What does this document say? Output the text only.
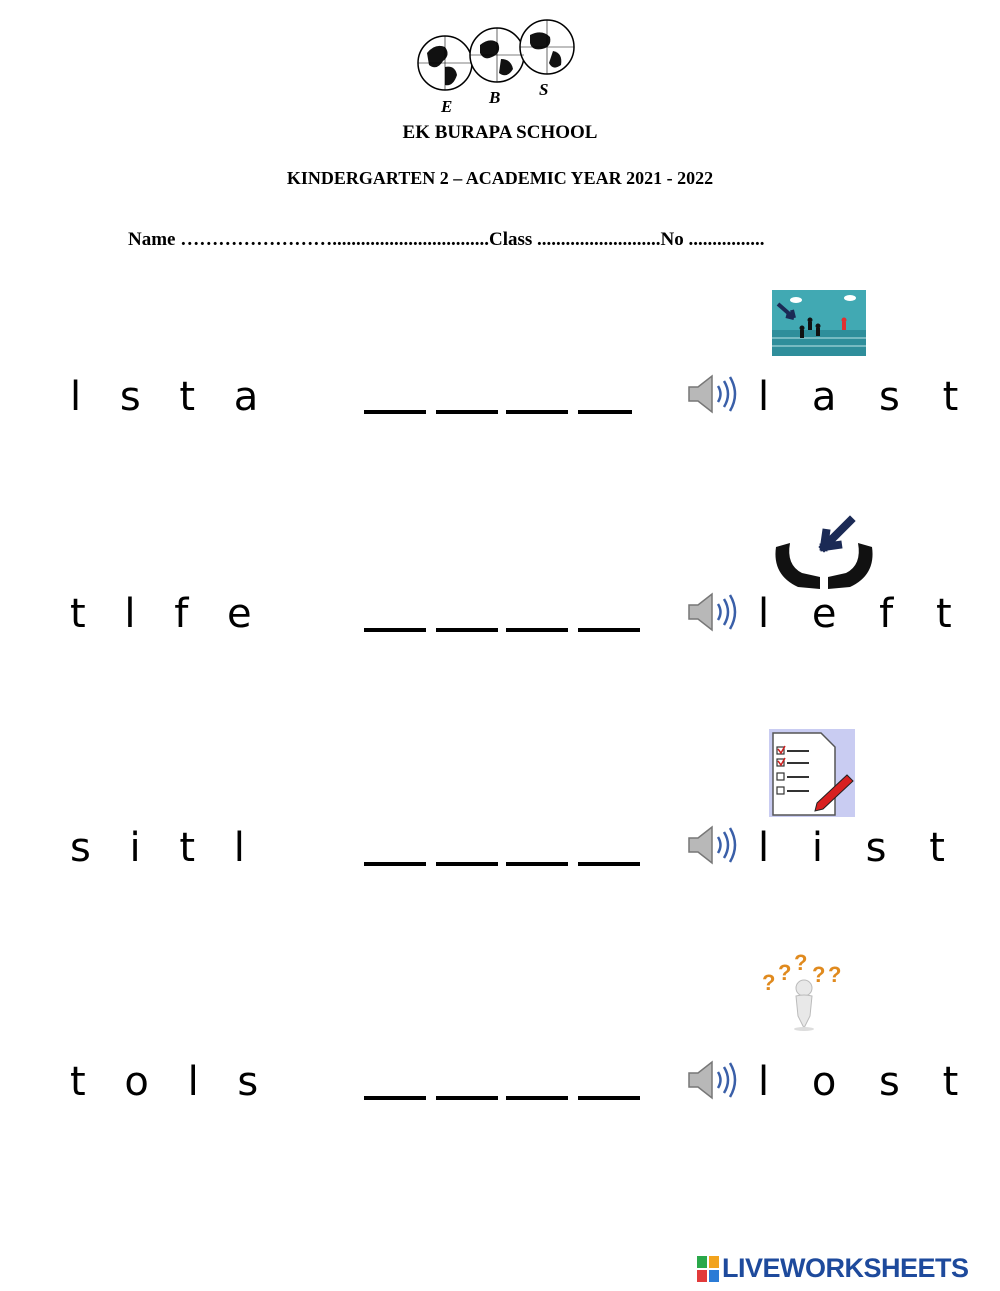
E B S
EK BURAPA SCHOOL
KINDERGARTEN 2 – ACADEMIC YEAR 2021 - 2022
Name …………………….................................Class ..........................No ................
l s t a	l a s t
t l f e	l e f t
s i t l	l i s t
? ? ? ? ?
t o l s	l o s t
LIVEWORKSHEETS
